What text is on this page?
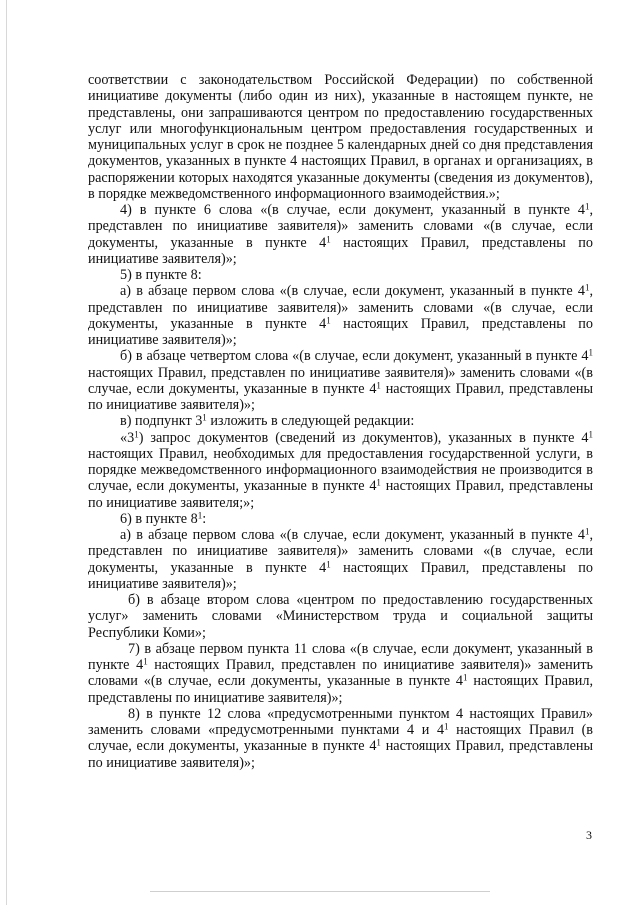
соответствии с законодательством Российской Федерации) по собственной инициативе документы (либо один из них), указанные в настоящем пункте, не представлены, они запрашиваются центром по предоставлению государственных услуг или многофункциональным центром предоставления государственных и муниципальных услуг в срок не позднее 5 календарных дней со дня представления документов, указанных в пункте 4 настоящих Правил, в органах и организациях, в распоряжении которых находятся указанные документы (сведения из документов), в порядке межведомственного информационного взаимодействия.»;

4) в пункте 6 слова «(в случае, если документ, указанный в пункте $4^1$, представлен по инициативе заявителя)» заменить словами «(в случае, если документы, указанные в пункте $4^1$ настоящих Правил, представлены по инициативе заявителя)»;

5) в пункте 8:

а) в абзаце первом слова «(в случае, если документ, указанный в пункте $4^1$, представлен по инициативе заявителя)» заменить словами «(в случае, если документы, указанные в пункте $4^1$ настоящих Правил, представлены по инициативе заявителя)»;

б) в абзаце четвертом слова «(в случае, если документ, указанный в пункте $4^1$ настоящих Правил, представлен по инициативе заявителя)» заменить словами «(в случае, если документы, указанные в пункте $4^1$ настоящих Правил, представлены по инициативе заявителя)»;

в) подпункт $3^1$ изложить в следующей редакции:

«$3^1$) запрос документов (сведений из документов), указанных в пункте $4^1$ настоящих Правил, необходимых для предоставления государственной услуги, в порядке межведомственного информационного взаимодействия не производится в случае, если документы, указанные в пункте $4^1$ настоящих Правил, представлены по инициативе заявителя;»;

6) в пункте $8^1$:

а) в абзаце первом слова «(в случае, если документ, указанный в пункте $4^1$, представлен по инициативе заявителя)» заменить словами «(в случае, если документы, указанные в пункте $4^1$ настоящих Правил, представлены по инициативе заявителя)»;

б) в абзаце втором слова «центром по предоставлению государственных услуг» заменить словами «Министерством труда и социальной защиты Республики Коми»;

7) в абзаце первом пункта 11 слова «(в случае, если документ, указанный в пункте $4^1$ настоящих Правил, представлен по инициативе заявителя)» заменить словами «(в случае, если документы, указанные в пункте $4^1$ настоящих Правил, представлены по инициативе заявителя)»;

8) в пункте 12 слова «предусмотренными пунктом 4 настоящих Правил» заменить словами «предусмотренными пунктами 4 и $4^1$ настоящих Правил (в случае, если документы, указанные в пункте $4^1$ настоящих Правил, представлены по инициативе заявителя)»;

3
